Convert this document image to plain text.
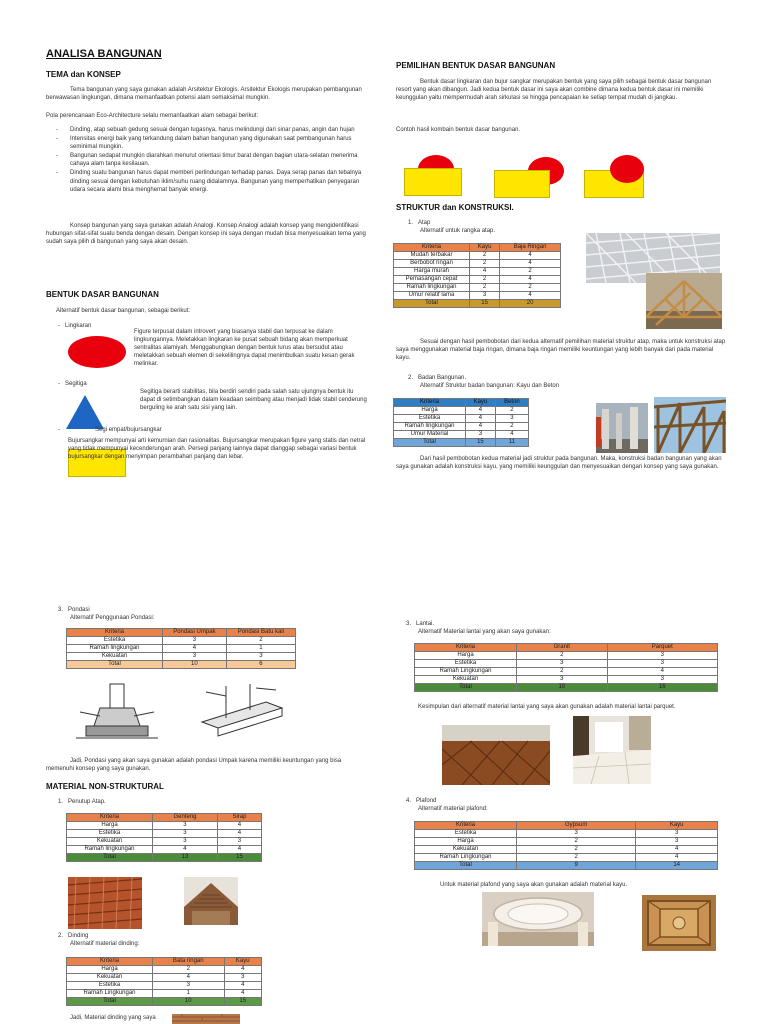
ANALISA BANGUNAN
TEMA dan KONSEP
Tema bangunan yang saya gunakan adalah Arsitektur Ekologis. Arsitektur Ekologis merupakan pembangunan berwawasan lingkungan, dimana memanfaatkan potensi alam semaksimal mungkin.
Pola perencanaan Eco-Architecture selalu memanfaatkan alam sebagai berikut:
- Dinding, atap sebuah gedung sesuai dengan tugasnya, harus melindungi dari sinar panas, angin dan hujan
- Intensitas energi baik yang terkandung dalam bahan bangunan yang digunakan saat pembangunan harus seminimal mungkin.
- Bangunan sedapat mungkin diarahkan menurut orientasi timur barat dengan bagian utara-selatan menerima cahaya alam tanpa kesilauan.
- Dinding suatu bangunan harus dapat memberi perlindungan terhadap panas. Daya serap panas dan tebalnya dinding sesuai dengan kebutuhan iklim/suhu ruang didalamnya. Bangunan yang memperhatikan penyegaran udara secara alami bisa menghemat banyak energi.
Konsep bangunan yang saya gunakan adalah Analogi. Konsep Analogi adalah konsep yang mengidentifikasi hubungan sifat-sifat suatu benda dengan desain. Dengan konsep ini saya dengan mudah bisa menyesuaikan tema yang sudah saya pilih di bangunan yang saya akan desain.
BENTUK DASAR BANGUNAN
Alternatif bentuk dasar bangunan, sebagai berikut:
-   Lingkaran
Figure terpusat dalam introvert yang biasanya stabil dan terpusat ke dalam lingkungannya. Meletakkan lingkaran ke pusat sebuah bidang akan memperkuat sentralitas alamiyah. Menggabungkan dengan bentuk lurus atau bersudut atau meletakkan sebuah elemen di sekelilingnya dapat menimbulkan suatu kesan gerak melinkar.
-   Segitiga
Segitiga berarti stabilitas, bila berdiri sendiri pada salah satu ujungnya bentuk itu dapat di setimbangkan dalam keadaan seimbang atau menjadi tidak stabil cenderung berguling ke arah satu sisi yang lain.
-                     Segi empat/bujursangkar
Bujursangkar mempunyai arti kemurnian dan rasionalitas. Bujursangkar merupakan figure yang statis dan netral yang tidak mempunyai kecenderungan arah. Persegi panjang lainnya dapat dianggap sebagai variasi bentuk bujursangkar dengan menyimpan perambahan panjang dan lebar.
PEMILIHAN BENTUK DASAR BANGUNAN
Bentuk dasar lingkaran dan bujur sangkar merupakan bentuk yang saya pilih sebagai bentuk dasar bangunan resort yang akan dibangun. Jadi kedua bentuk dasar ini saya akan combine dimana kedua bentuk dasar ini memiliki keunggulan yaitu mempermudah arah sirkulasi se hingga pencapaian ke setiap tempat mudah di jangkau.
Contoh hasil kombain bentuk dasar bangunan.
STRUKTUR dan KONSTRUKSI.
1.   Atap
Alternatif untuk rangka atap.
Kriteria	Kayu	Baja Ringan
Mudah terbakar	2	4
Berbobot ringan	2	4
Harga murah	4	2
Pemasangan cepat	2	4
Ramah lingkungan	2	2
Umur relatif lama	3	4
Total	15	20
Sesuai dengan hasil pembobotan dari kedua alternatif pemilihan material struktur atap, maka untuk konstruksi atap saya menggunakan material baja ringan, dimana baja ringan memiliki keuntungan yang lebih banyak dari pada material kayu.
2.   Badan Bangunan.
Alternatif Struktur badan bangunan: Kayu dan Beton
Kriteria	Kayu	Beton
Harga	4	2
Estetika	4	3
Ramah lingkungan	4	2
Umur Material	3	4
Total	15	11
Dari hasil pembobotan kedua material jadi struktur pada bangunan. Maka, konstruksi badan bangunan yang akan saya gunakan adalah konstruksi kayu, yang memiliki keunggulan dan menyesuaikan dengan konsep yang saya gunakan.
3.   Pondasi
Alternatif Penggunaan Pondasi:
Kriteria	Pondasi Umpak	Pondasi Batu kali
Estetika	3	2
Ramah lingkungan	4	1
Kekuatan	3	3
Total	10	6
Jadi, Pondasi yang akan saya gunakan adalah pondasi Umpak karena memiliki keuntungan yang bisa memenuhi konsep yang saya gunakan.
MATERIAL NON-STRUKTURAL
1.   Penutup Atap.
Kriteria	Genteng	Sirap
Harga	3	4
Estetika	3	4
Kekuatan	3	3
Ramah lingkungan	4	4
Total	13	15
2.   Dinding
Alternatif material dinding:
Kriteria	Bata ringan	Kayu
Harga	2	4
Kekuatan	4	3
Estetika	3	4
Ramah Lingkungan	1	4
Total	10	15
Jadi, Material dinding yang saya
3.   Lantai.
Alternatif Material lantai yang akan saya gunakan:
Kriteria	Granit	Parquet
Harga	2	3
Estetika	3	3
Ramah Lingkungan	2	4
Kekuatan	3	3
Total	10	16
Kesimpulan dari alternatif material lantai yang saya akan gunakan adalah material lantai parquet.
4.   Plafond
Alternatif material plafond:
Kriteria	Gypsum	Kayu
Estetika	3	3
Harga	2	3
Kekuatan	2	4
Ramah Lingkungan	2	4
Total	9	14
Untuk material plafond yang saya akan gunakan adalah material kayu.
